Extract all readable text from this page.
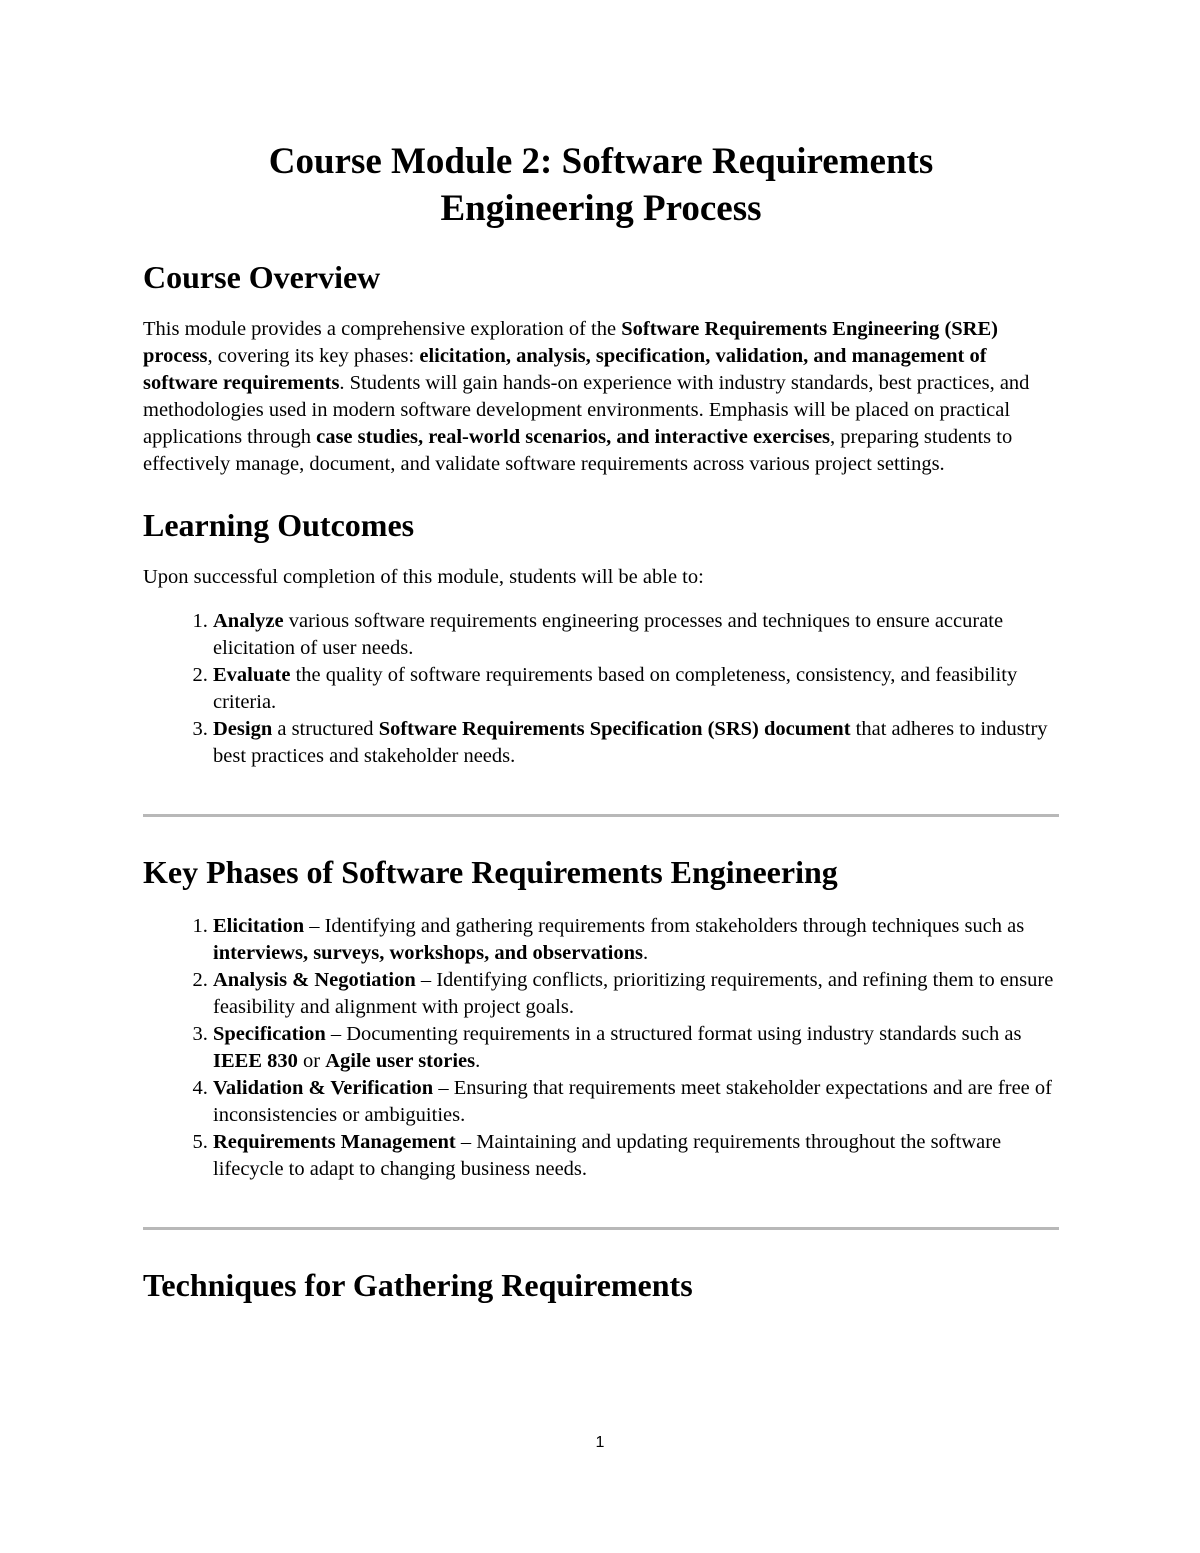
Course Module 2: Software Requirements
Engineering Process
Course Overview

This module provides a comprehensive exploration of the Software Requirements Engineering (SRE) process, covering its key phases: elicitation, analysis, specification, validation, and management of software requirements. Students will gain hands-on experience with industry standards, best practices, and methodologies used in modern software development environments. Emphasis will be placed on practical applications through case studies, real-world scenarios, and interactive exercises, preparing students to effectively manage, document, and validate software requirements across various project settings.

Learning Outcomes

Upon successful completion of this module, students will be able to:

1. Analyze various software requirements engineering processes and techniques to ensure accurate elicitation of user needs.
2. Evaluate the quality of software requirements based on completeness, consistency, and feasibility criteria.
3. Design a structured Software Requirements Specification (SRS) document that adheres to industry best practices and stakeholder needs.
Key Phases of Software Requirements Engineering
1. Elicitation – Identifying and gathering requirements from stakeholders through techniques such as interviews, surveys, workshops, and observations.
2. Analysis & Negotiation – Identifying conflicts, prioritizing requirements, and refining them to ensure feasibility and alignment with project goals.
3. Specification – Documenting requirements in a structured format using industry standards such as IEEE 830 or Agile user stories.
4. Validation & Verification – Ensuring that requirements meet stakeholder expectations and are free of inconsistencies or ambiguities.
5. Requirements Management – Maintaining and updating requirements throughout the software lifecycle to adapt to changing business needs.
Techniques for Gathering Requirements
1
